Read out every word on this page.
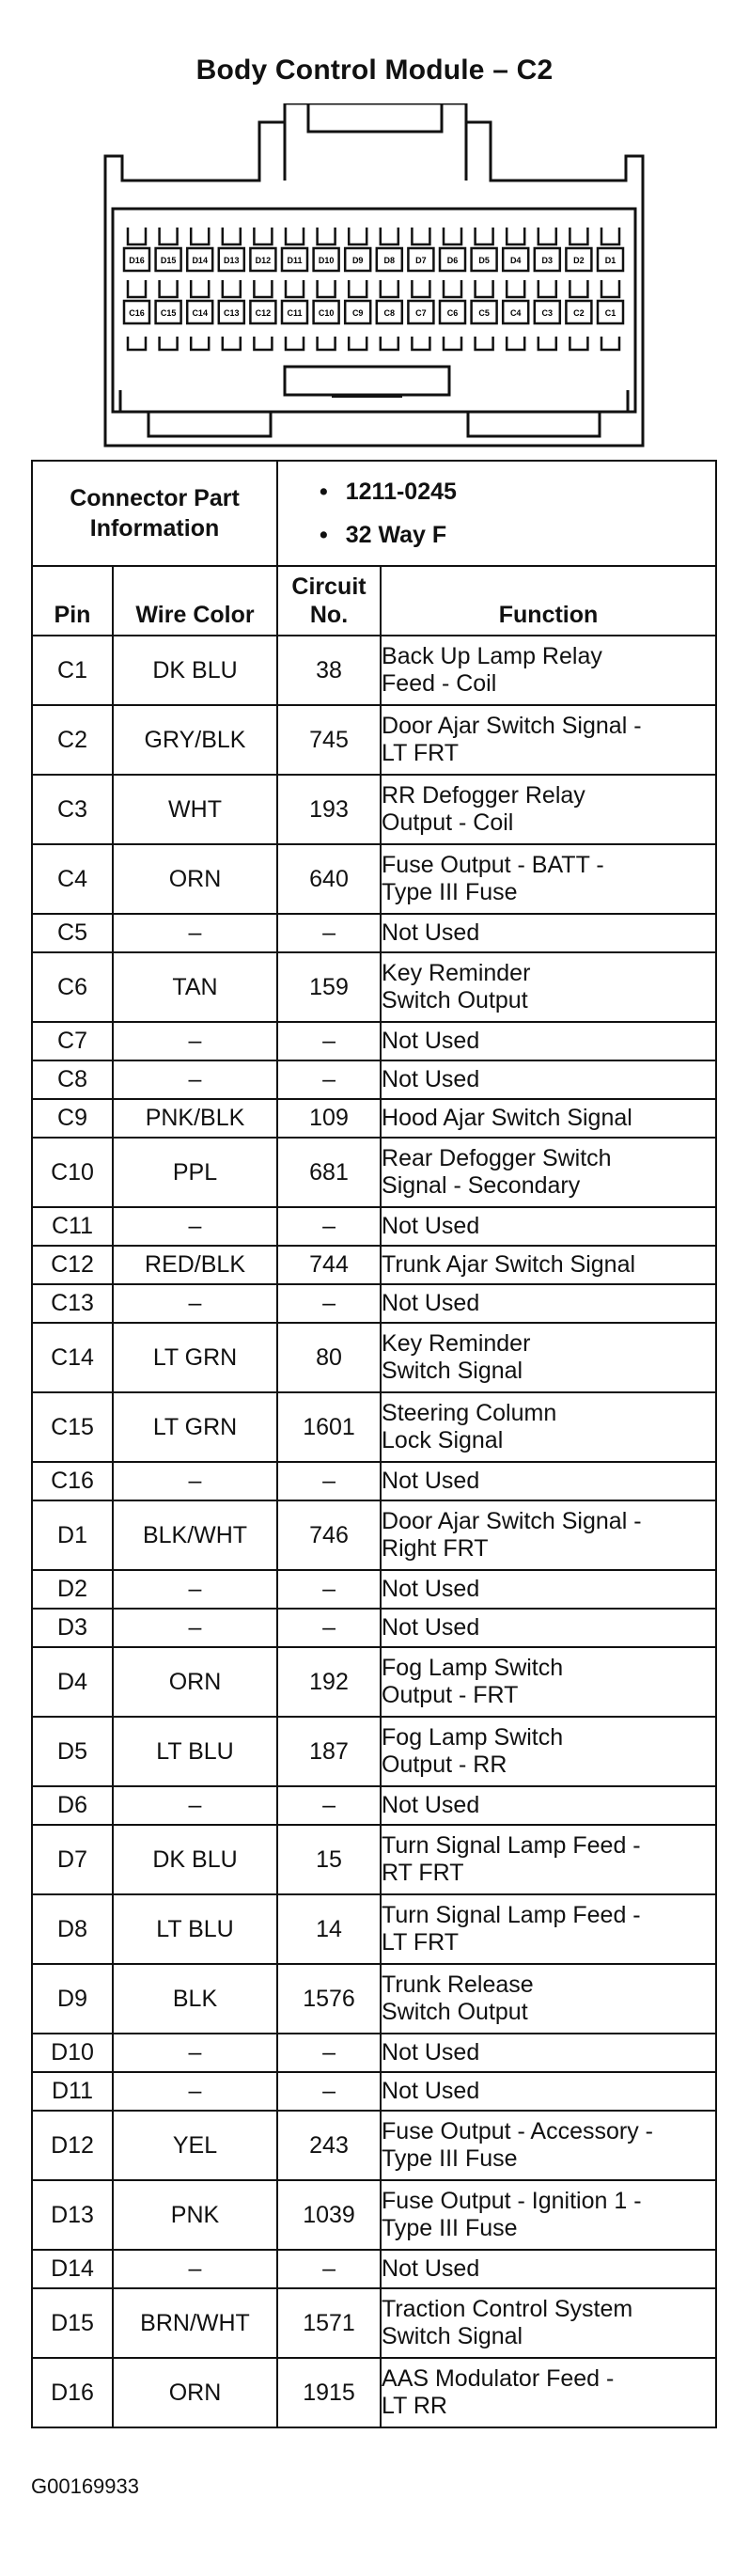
Body Control Module – C2
D16 D15 D14 D13 D12 D11 D10 D9 D8 D7 D6 D5 D4 D3 D2 D1
C16 C15 C14 C13 C12 C11 C10 C9 C8 C7 C6 C5 C4 C3 C2 C1
Connector Part Information		• 1211-0245
• 32 Way F	

Pin	Wire Color	Circuit
No.	Function
C1	DK BLU	38	Back Up Lamp Relay
Feed - Coil

C2	GRY/BLK	745	Door Ajar Switch Signal -
LT FRT

C3	WHT	193	RR Defogger Relay
Output - Coil

C4	ORN	640	Fuse Output - BATT -
Type III Fuse

C5	–	–	Not Used

C6	TAN	159	Key Reminder
Switch Output

C7	–	–	Not Used

C8	–	–	Not Used

C9	PNK/BLK	109	Hood Ajar Switch Signal

C10	PPL	681	Rear Defogger Switch
Signal - Secondary

C11	–	–	Not Used

C12	RED/BLK	744	Trunk Ajar Switch Signal

C13	–	–	Not Used

C14	LT GRN	80	Key Reminder
Switch Signal

C15	LT GRN	1601	Steering Column
Lock Signal

C16	–	–	Not Used

D1	BLK/WHT	746	Door Ajar Switch Signal -
Right FRT

D2	–	–	Not Used

D3	–	–	Not Used

D4	ORN	192	Fog Lamp Switch
Output - FRT

D5	LT BLU	187	Fog Lamp Switch
Output - RR

D6	–	–	Not Used

D7	DK BLU	15	Turn Signal Lamp Feed -
RT FRT

D8	LT BLU	14	Turn Signal Lamp Feed -
LT FRT

D9	BLK	1576	Trunk Release
Switch Output

D10	–	–	Not Used

D11	–	–	Not Used

D12	YEL	243	Fuse Output - Accessory -
Type III Fuse

D13	PNK	1039	Fuse Output - Ignition 1 -
Type III Fuse

D14	–	–	Not Used

D15	BRN/WHT	1571	Traction Control System
Switch Signal

D16	ORN	1915	AAS Modulator Feed -
LT RR
G00169933
